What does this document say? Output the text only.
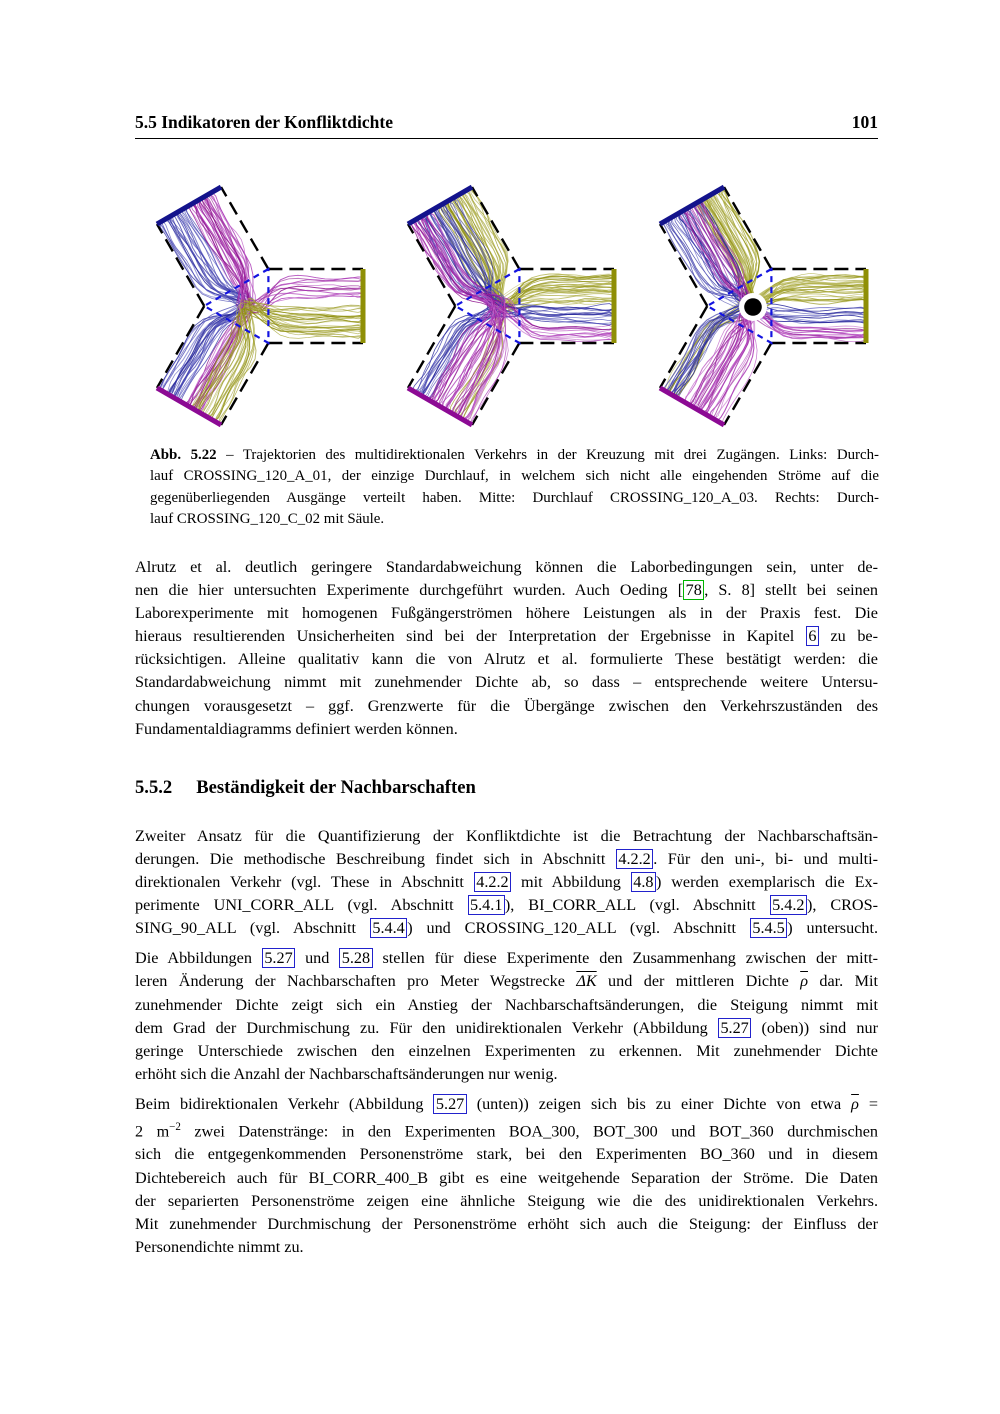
5.5 Indikatoren der Konfliktdichte	101
Abb. 5.22 – Trajektorien des multidirektionalen Verkehrs in der Kreuzung mit drei Zugängen. Links: Durch-
lauf CROSSING_120_A_01, der einzige Durchlauf, in welchem sich nicht alle eingehenden Ströme auf die
gegenüberliegenden Ausgänge verteilt haben. Mitte: Durchlauf CROSSING_120_A_03. Rechts: Durch-
lauf CROSSING_120_C_02 mit Säule.
Alrutz et al. deutlich geringere Standardabweichung können die Laborbedingungen sein, unter de-
nen die hier untersuchten Experimente durchgeführt wurden. Auch Oeding [ 78 , S. 8] stellt bei seinen
Laborexperimente mit homogenen Fußgängerströmen höhere Leistungen als in der Praxis fest. Die
hieraus resultierenden Unsicherheiten sind bei der Interpretation der Ergebnisse in Kapitel 6 zu be-
rücksichtigen. Alleine qualitativ kann die von Alrutz et al. formulierte These bestätigt werden: die
Standardabweichung nimmt mit zunehmender Dichte ab, so dass – entsprechende weitere Untersu-
chungen vorausgesetzt – ggf. Grenzwerte für die Übergänge zwischen den Verkehrszuständen des
Fundamentaldiagramms definiert werden können.
5.5.2 Beständigkeit der Nachbarschaften
Zweiter Ansatz für die Quantifizierung der Konfliktdichte ist die Betrachtung der Nachbarschaftsän-
derungen. Die methodische Beschreibung findet sich in Abschnitt 4.2.2 . Für den uni-, bi- und multi-
direktionalen Verkehr (vgl. These in Abschnitt 4.2.2 mit Abbildung 4.8 ) werden exemplarisch die Ex-
perimente UNI_CORR_ALL (vgl. Abschnitt 5.4.1 ), BI_CORR_ALL (vgl. Abschnitt 5.4.2 ), CROS-
SING_90_ALL (vgl. Abschnitt 5.4.4 ) und CROSSING_120_ALL (vgl. Abschnitt 5.4.5 ) untersucht.
Die Abbildungen 5.27 und 5.28 stellen für diese Experimente den Zusammenhang zwischen der mitt-
leren Änderung der Nachbarschaften pro Meter Wegstrecke $\overline{\Delta K}$ und der mittleren Dichte $\overline{\rho}$ dar. Mit
zunehmender Dichte zeigt sich ein Anstieg der Nachbarschaftsänderungen, die Steigung nimmt mit
dem Grad der Durchmischung zu. Für den unidirektionalen Verkehr (Abbildung 5.27 (oben)) sind nur
geringe Unterschiede zwischen den einzelnen Experimenten zu erkennen. Mit zunehmender Dichte
erhöht sich die Anzahl der Nachbarschaftsänderungen nur wenig.
Beim bidirektionalen Verkehr (Abbildung 5.27 (unten)) zeigen sich bis zu einer Dichte von etwa $\overline{\rho}$ =
2 $m^{-2}$ zwei Datenstränge: in den Experimenten BOA_300, BOT_300 und BOT_360 durchmischen
sich die entgegenkommenden Personenströme stark, bei den Experimenten BO_360 und in diesem
Dichtebereich auch für BI_CORR_400_B gibt es eine weitgehende Separation der Ströme. Die Daten
der separierten Personenströme zeigen eine ähnliche Steigung wie die des unidirektionalen Verkehrs.
Mit zunehmender Durchmischung der Personenströme erhöht sich auch die Steigung: der Einfluss der
Personendichte nimmt zu.
